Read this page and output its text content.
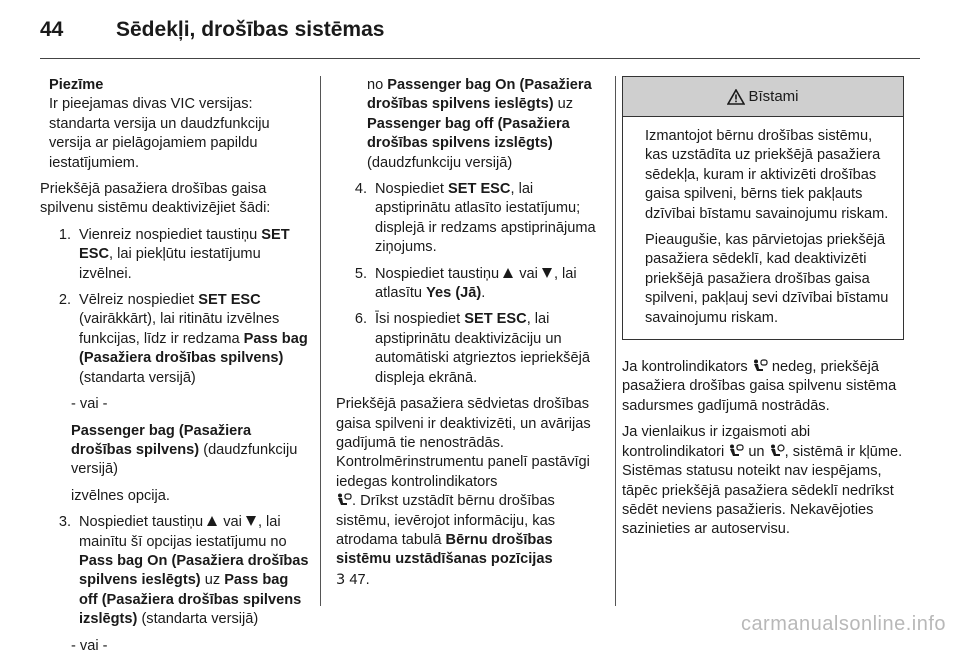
44	Sēdekļi, drošības sistēmas
Piezīme
Ir pieejamas divas VIC versijas: standarta versija un daudzfunkciju versija ar pielāgojamiem papildu iestatījumiem.

Priekšējā pasažiera drošības gaisa spilvenu sistēmu deaktivizējiet šādi:

1. Vienreiz nospiediet taustiņu SET ESC, lai piekļūtu iestatījumu izvēlnei.
2. Vēlreiz nospiediet SET ESC (vairākkārt), lai ritinātu izvēlnes funkcijas, līdz ir redzama Pass bag (Pasažiera drošības spilvens) (standarta versijā)
- vai -
Passenger bag (Pasažiera drošības spilvens) (daudzfunkciju versijā)
izvēlnes opcija.
3. Nospiediet taustiņu  vai , lai mainītu šī opcijas iestatījumu no Pass bag On (Pasažiera drošības spilvens ieslēgts) uz Pass bag off (Pasažiera drošības spilvens izslēgts) (standarta versijā)
- vai -
no Passenger bag On (Pasažiera drošības spilvens ieslēgts) uz Passenger bag off (Pasažiera drošības spilvens izslēgts) (daudzfunkciju versijā)
4. Nospiediet SET ESC, lai apstiprinātu atlasīto iestatījumu; displejā ir redzams apstiprinājuma ziņojums.
5. Nospiediet taustiņu  vai , lai atlasītu Yes (Jā).
6. Īsi nospiediet SET ESC, lai apstiprinātu deaktivizāciju un automātiski atgrieztos iepriekšējā displeja ekrānā.

Priekšējā pasažiera sēdvietas drošības gaisa spilveni ir deaktivizēti, un avārijas gadījumā tie nenostrādās. Kontrolmērinstrumentu panelī pastāvīgi iedegas kontrolindikators

. Drīkst uzstādīt bērnu drošības sistēmu, ievērojot informāciju, kas atrodama tabulā Bērnu drošības sistēmu uzstādīšanas pozīcijas
3 47.

Bīstami

Izmantojot bērnu drošības sistēmu, kas uzstādīta uz priekšējā pasažiera sēdekļa, kuram ir aktivizēti drošības gaisa spilveni, bērns tiek pakļauts dzīvībai bīstamu savainojumu riskam.

Pieaugušie, kas pārvietojas priekšējā pasažiera sēdeklī, kad deaktivizēti priekšējā pasažiera drošības gaisa spilveni, pakļauj sevi dzīvībai bīstamu savainojumu riskam.

Ja kontrolindikators  nedeg, priekšējā pasažiera drošības gaisa spilvenu sistēma sadursmes gadījumā nostrādās.

Ja vienlaikus ir izgaismoti abi kontrolindikatori  un , sistēmā ir kļūme. Sistēmas statusu noteikt nav iespējams, tāpēc priekšējā pasažiera sēdeklī nedrīkst sēdēt neviens pasažieris. Nekavējoties sazinieties ar autoservisu.

carmanualsonline.info
